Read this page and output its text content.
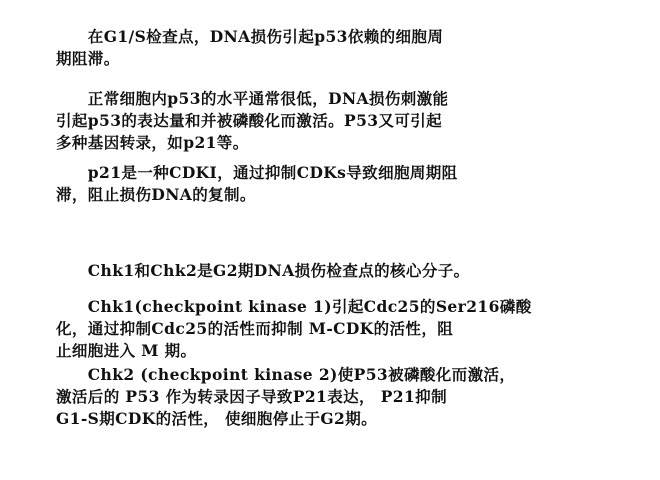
　　在G1/S检查点，DNA损伤引起p53依赖的细胞周
期阻滞。
　　正常细胞内p53的水平通常很低，DNA损伤刺激能
引起p53的表达量和并被磷酸化而激活。P53又可引起
多种基因转录，如p21等。
　　p21是一种CDKI，通过抑制CDKs导致细胞周期阻
滞，阻止损伤DNA的复制。
　　Chk1和Chk2是G2期DNA损伤检查点的核心分子。
　　Chk1(checkpoint kinase 1)引起Cdc25的Ser216磷酸
化，通过抑制Cdc25的活性而抑制 M-CDK的活性，阻
止细胞进入 M 期。
　　Chk2 (checkpoint kinase 2)使P53被磷酸化而激活，
激活后的 P53 作为转录因子导致P21表达， P21抑制
G1-S期CDK的活性， 使细胞停止于G2期。
